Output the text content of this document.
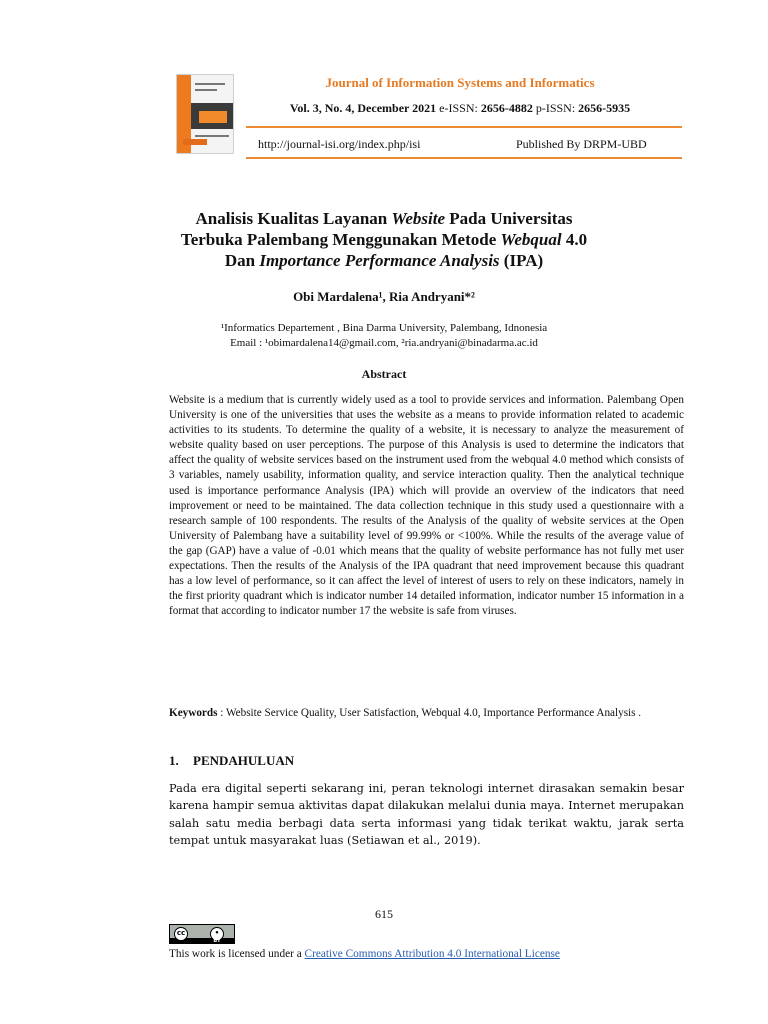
Journal of Information Systems and Informatics
Vol. 3, No. 4, December 2021 e-ISSN: 2656-4882 p-ISSN: 2656-5935
http://journal-isi.org/index.php/isi	Published By DRPM-UBD
Analisis Kualitas Layanan Website Pada Universitas
Terbuka Palembang Menggunakan Metode Webqual 4.0
Dan Importance Performance Analysis (IPA)
Obi Mardalena¹, Ria Andryani*²
¹Informatics Departement , Bina Darma University, Palembang, Idnonesia
Email : ¹obimardalena14@gmail.com, ²ria.andryani@binadarma.ac.id
Abstract
Website is a medium that is currently widely used as a tool to provide services and information. Palembang Open University is one of the universities that uses the website as a means to provide information related to academic activities to its students. To determine the quality of a website, it is necessary to analyze the measurement of website quality based on user perceptions. The purpose of this Analysis is used to determine the indicators that affect the quality of website services based on the instrument used from the webqual 4.0 method which consists of 3 variables, namely usability, information quality, and service interaction quality. Then the analytical technique used is importance performance Analysis (IPA) which will provide an overview of the indicators that need improvement or need to be maintained. The data collection technique in this study used a questionnaire with a research sample of 100 respondents. The results of the Analysis of the quality of website services at the Open University of Palembang have a suitability level of 99.99% or <100%. While the results of the average value of the gap (GAP) have a value of -0.01 which means that the quality of website performance has not fully met user expectations. Then the results of the Analysis of the IPA quadrant that need improvement because this quadrant has a low level of performance, so it can affect the level of interest of users to rely on these indicators, namely in the first priority quadrant which is indicator number 14 detailed information, indicator number 15 information in a format that according to indicator number 17 the website is safe from viruses.
Keywords : Website Service Quality, User Satisfaction, Webqual 4.0, Importance Performance Analysis .
1. PENDAHULUAN
Pada era digital seperti sekarang ini, peran teknologi internet dirasakan semakin besar karena hampir semua aktivitas dapat dilakukan melalui dunia maya. Internet merupakan salah satu media berbagi data serta informasi yang tidak terikat waktu, jarak serta tempat untuk masyarakat luas (Setiawan et al., 2019).
615
cc	•
BY
This work is licensed under a Creative Commons Attribution 4.0 International License
